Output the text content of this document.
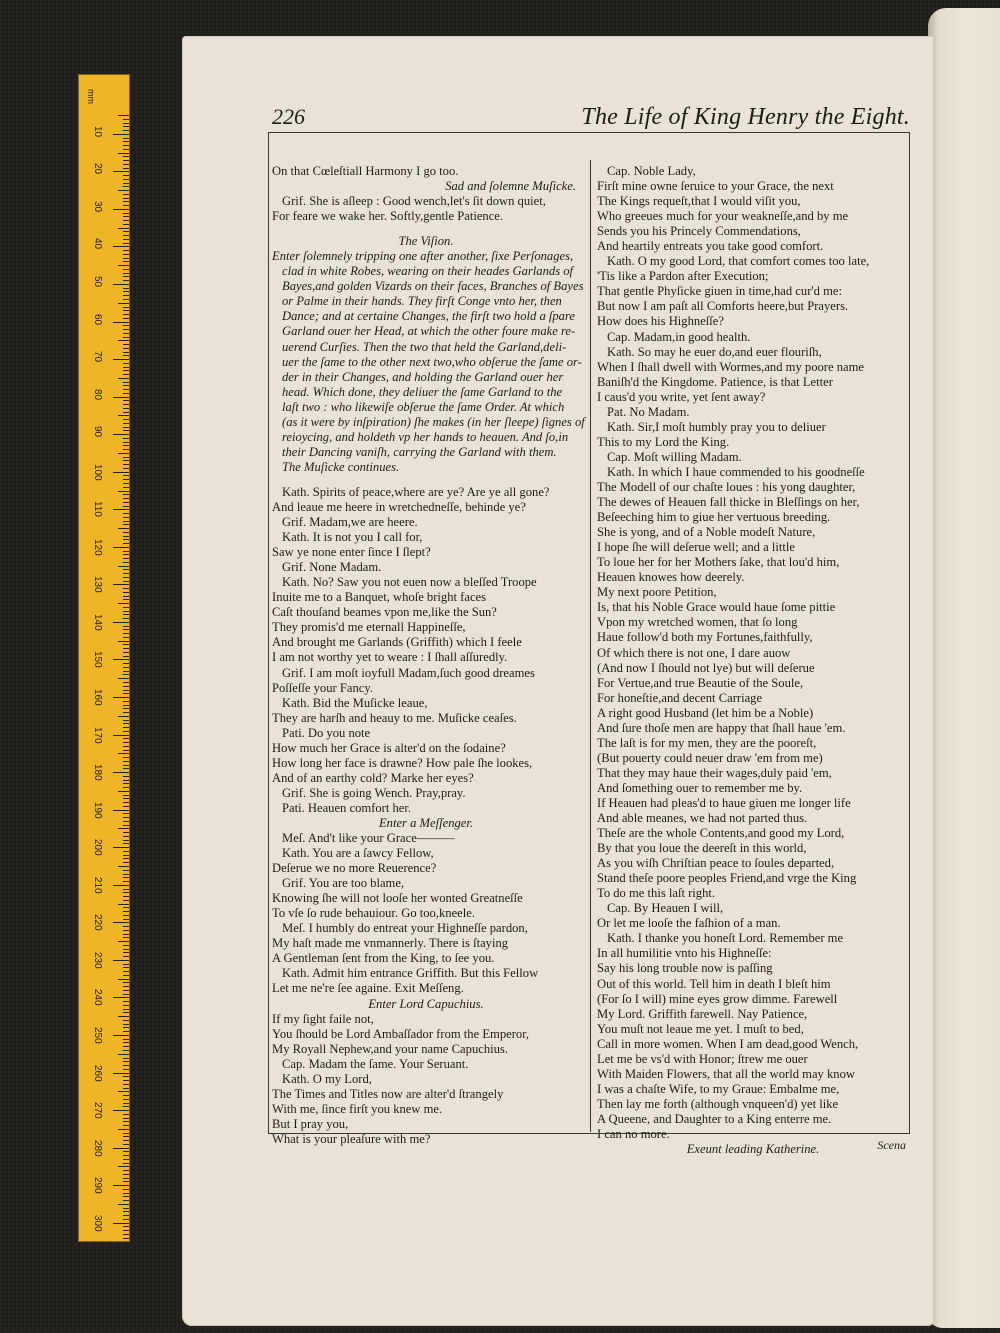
mm
10
20
30
40
50
60
70
80
90
100
110
120
130
140
150
160
170
180
190
200
210
220
230
240
250
260
270
280
290
300
226	The Life of King Henry the Eight.
On that Cœleſtiall Harmony I go too.
Sad and ſolemne Muſicke.
Grif. She is aſleep : Good wench,let's ſit down quiet,
For feare we wake her. Softly,gentle Patience.
The Viſion.
Enter ſolemnely tripping one after another, ſixe Perſonages,
clad in white Robes, wearing on their heades Garlands of
Bayes,and golden Vizards on their faces, Branches of Bayes
or Palme in their hands. They firſt Conge vnto her, then
Dance; and at certaine Changes, the firſt two hold a ſpare
Garland ouer her Head, at which the other foure make re-
uerend Curſies. Then the two that held the Garland,deli-
uer the ſame to the other next two,who obſerue the ſame or-
der in their Changes, and holding the Garland ouer her
head. Which done, they deliuer the ſame Garland to the
laſt two : who likewiſe obſerue the ſame Order. At which
(as it were by inſpiration) ſhe makes (in her ſleepe) ſignes of
reioycing, and holdeth vp her hands to heauen. And ſo,in
their Dancing vaniſh, carrying the Garland with them.
The Muſicke continues.
Kath. Spirits of peace,where are ye? Are ye all gone?
And leaue me heere in wretchedneſſe, behinde ye?
Grif. Madam,we are heere.
Kath. It is not you I call for,
Saw ye none enter ſince I ſlept?
Grif. None Madam.
Kath. No? Saw you not euen now a bleſſed Troope
Inuite me to a Banquet, whoſe bright faces
Caſt thouſand beames vpon me,like the Sun?
They promis'd me eternall Happineſſe,
And brought me Garlands (Griffith) which I feele
I am not worthy yet to weare : I ſhall aſſuredly.
Grif. I am moſt ioyfull Madam,ſuch good dreames
Poſſeſſe your Fancy.
Kath. Bid the Muſicke leaue,
They are harſh and heauy to me. Muſicke ceaſes.
Pati. Do you note
How much her Grace is alter'd on the ſodaine?
How long her face is drawne? How pale ſhe lookes,
And of an earthy cold? Marke her eyes?
Grif. She is going Wench. Pray,pray.
Pati. Heauen comfort her.
Enter a Meſſenger.
Meſ. And't like your Grace———
Kath. You are a ſawcy Fellow,
Deſerue we no more Reuerence?
Grif. You are too blame,
Knowing ſhe will not looſe her wonted Greatneſſe
To vſe ſo rude behauiour. Go too,kneele.
Meſ. I humbly do entreat your Highneſſe pardon,
My haſt made me vnmannerly. There is ſtaying
A Gentleman ſent from the King, to ſee you.
Kath. Admit him entrance Griffith. But this Fellow
Let me ne're ſee againe. Exit Meſſeng.
Enter Lord Capuchius.
If my ſight faile not,
You ſhould be Lord Ambaſſador from the Emperor,
My Royall Nephew,and your name Capuchius.
Cap. Madam the ſame. Your Seruant.
Kath. O my Lord,
The Times and Titles now are alter'd ſtrangely
With me, ſince firſt you knew me.
But I pray you,
What is your pleaſure with me?
Cap. Noble Lady,
Firſt mine owne ſeruice to your Grace, the next
The Kings requeſt,that I would viſit you,
Who greeues much for your weakneſſe,and by me
Sends you his Princely Commendations,
And heartily entreats you take good comfort.
Kath. O my good Lord, that comfort comes too late,
'Tis like a Pardon after Execution;
That gentle Phyſicke giuen in time,had cur'd me:
But now I am paſt all Comforts heere,but Prayers.
How does his Highneſſe?
Cap. Madam,in good health.
Kath. So may he euer do,and euer flouriſh,
When I ſhall dwell with Wormes,and my poore name
Baniſh'd the Kingdome. Patience, is that Letter
I caus'd you write, yet ſent away?
Pat. No Madam.
Kath. Sir,I moſt humbly pray you to deliuer
This to my Lord the King.
Cap. Moſt willing Madam.
Kath. In which I haue commended to his goodneſſe
The Modell of our chaſte loues : his yong daughter,
The dewes of Heauen fall thicke in Bleſſings on her,
Beſeeching him to giue her vertuous breeding.
She is yong, and of a Noble modeſt Nature,
I hope ſhe will deſerue well; and a little
To loue her for her Mothers ſake, that lou'd him,
Heauen knowes how deerely.
My next poore Petition,
Is, that his Noble Grace would haue ſome pittie
Vpon my wretched women, that ſo long
Haue follow'd both my Fortunes,faithfully,
Of which there is not one, I dare auow
(And now I ſhould not lye) but will deſerue
For Vertue,and true Beautie of the Soule,
For honeſtie,and decent Carriage
A right good Husband (let him be a Noble)
And ſure thoſe men are happy that ſhall haue 'em.
The laſt is for my men, they are the pooreſt,
(But pouerty could neuer draw 'em from me)
That they may haue their wages,duly paid 'em,
And ſomething ouer to remember me by.
If Heauen had pleas'd to haue giuen me longer life
And able meanes, we had not parted thus.
Theſe are the whole Contents,and good my Lord,
By that you loue the deereſt in this world,
As you wiſh Chriſtian peace to ſoules departed,
Stand theſe poore peoples Friend,and vrge the King
To do me this laſt right.
Cap. By Heauen I will,
Or let me looſe the faſhion of a man.
Kath. I thanke you honeſt Lord. Remember me
In all humilitie vnto his Highneſſe:
Say his long trouble now is paſſing
Out of this world. Tell him in death I bleſt him
(For ſo I will) mine eyes grow dimme. Farewell
My Lord. Griffith farewell. Nay Patience,
You muſt not leaue me yet. I muſt to bed,
Call in more women. When I am dead,good Wench,
Let me be vs'd with Honor; ſtrew me ouer
With Maiden Flowers, that all the world may know
I was a chaſte Wife, to my Graue: Embalme me,
Then lay me forth (although vnqueen'd) yet like
A Queene, and Daughter to a King enterre me.
I can no more.
Exeunt leading Katherine.	Scena
